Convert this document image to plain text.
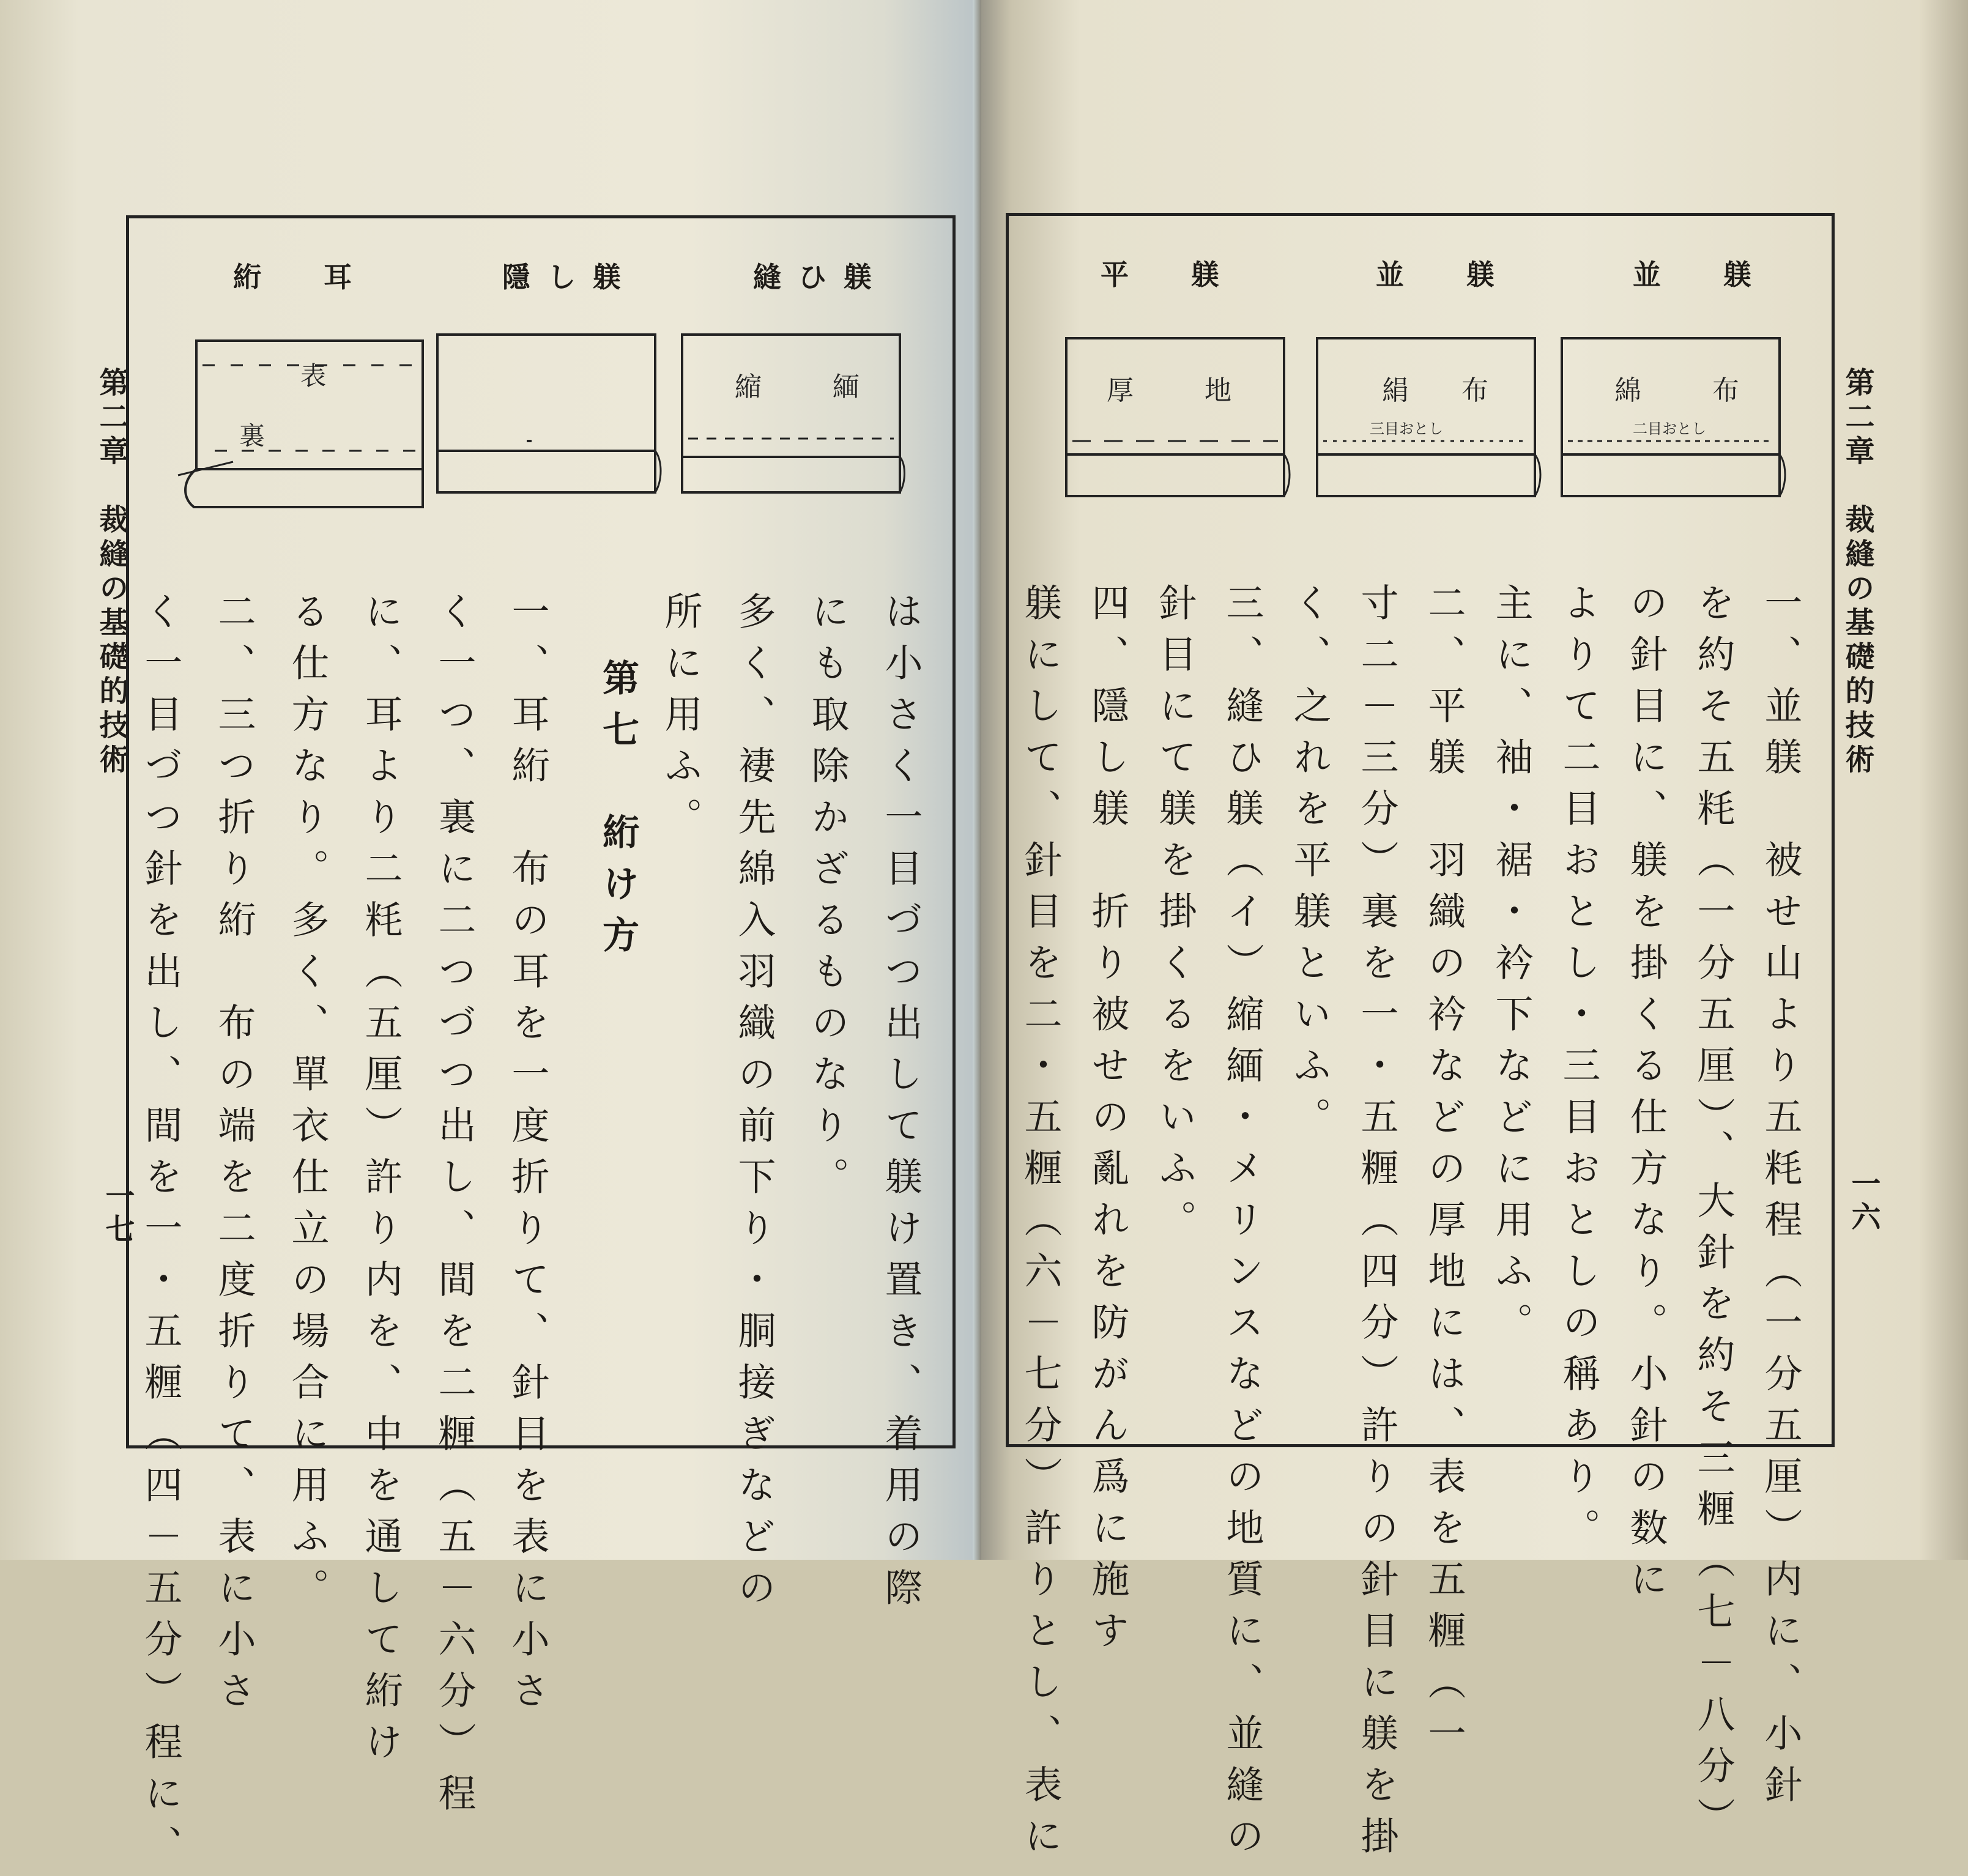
第二章　裁縫の基礎的技術
一七
縫ひ躾
隱し躾
絎　耳
縮	緬
表
裏
は小さく一目づつ出して躾け置き、着用の際
にも取除かざるものなり。
多く、褄先綿入羽織の前下り・胴接ぎなどの
所に用ふ。
第七　絎け方
一、耳絎　布の耳を一度折りて、針目を表に小さ
く一つ、裏に二つづつ出し、間を二糎（五－六分）程
に、耳より二粍（五厘）許り内を、中を通して絎け
る仕方なり。多く、單衣仕立の場合に用ふ。
二、三つ折り絎　布の端を二度折りて、表に小さ
く一目づつ針を出し、間を一・五糎（四－五分）程に、
第二章　裁縫の基礎的技術
一六
並　躾
並　躾
平　躾
綿	布
二目おとし
絹 布
三目おとし
厚	地
一、並躾　被せ山より五粍程（一分五厘）内に、小針
を約そ五粍（一分五厘）、大針を約そ三糎（七－八分）
の針目に、躾を掛くる仕方なり。小針の数に
よりて二目おとし・三目おとしの稱あり。
主に、袖・裾・衿下などに用ふ。
二、平躾　羽織の衿などの厚地には、表を五糎（一
寸二－三分）裏を一・五糎（四分）許りの針目に躾を掛
く、之れを平躾といふ。
三、縫ひ躾（イ）縮緬・メリンスなどの地質に、並縫の
針目にて躾を掛くるをいふ。
四、隱し躾　折り被せの亂れを防がん爲に施す
躾にして、針目を二・五糎（六－七分）許りとし、表に
